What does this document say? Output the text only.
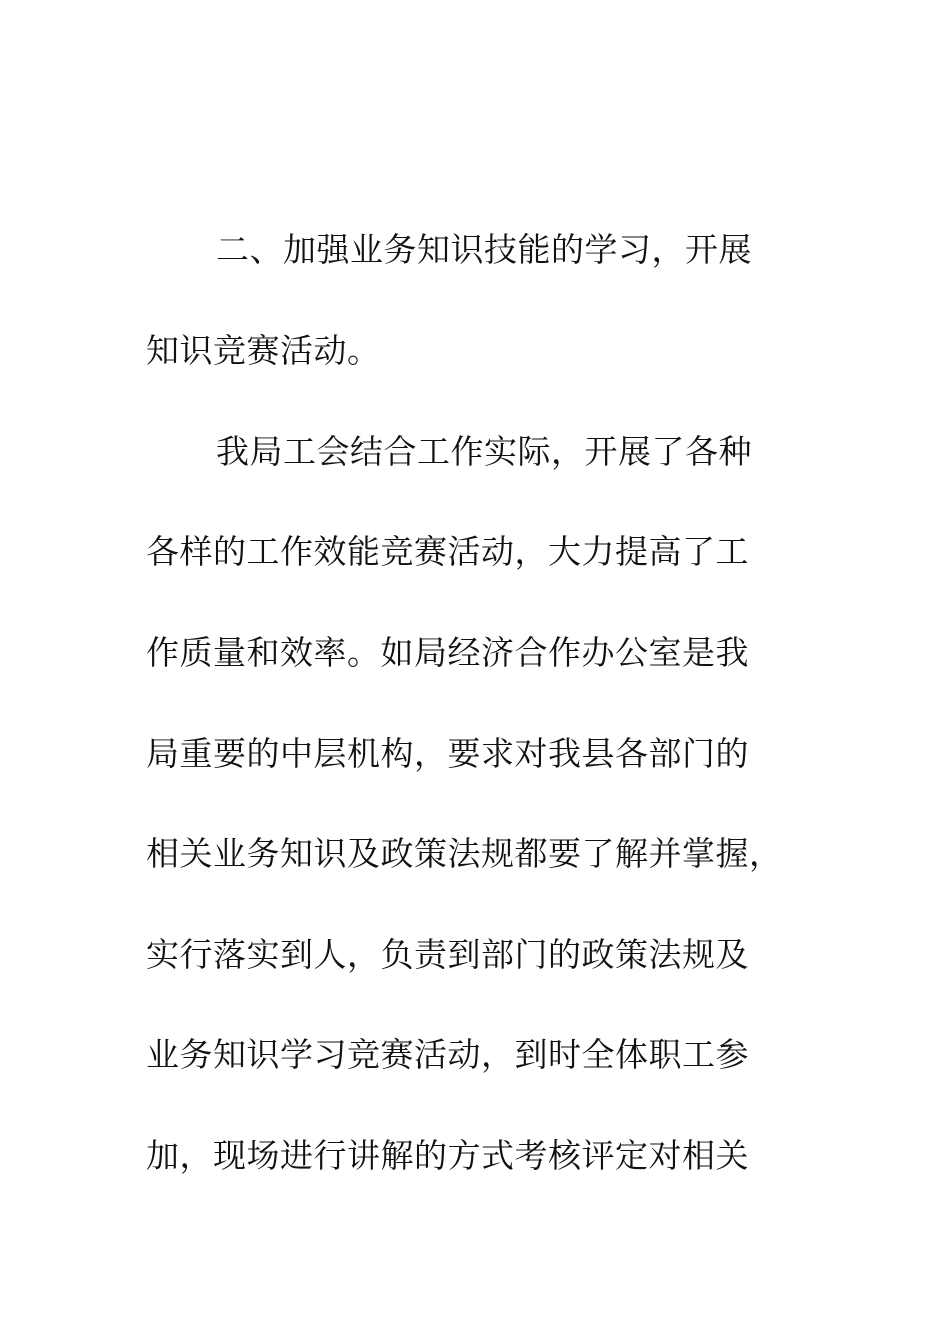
二、加强业务知识技能的学习，开展
知识竞赛活动。
我局工会结合工作实际，开展了各种
各样的工作效能竞赛活动，大力提高了工
作质量和效率。如局经济合作办公室是我
局重要的中层机构，要求对我县各部门的
相关业务知识及政策法规都要了解并掌握，
实行落实到人，负责到部门的政策法规及
业务知识学习竞赛活动，到时全体职工参
加，现场进行讲解的方式考核评定对相关
